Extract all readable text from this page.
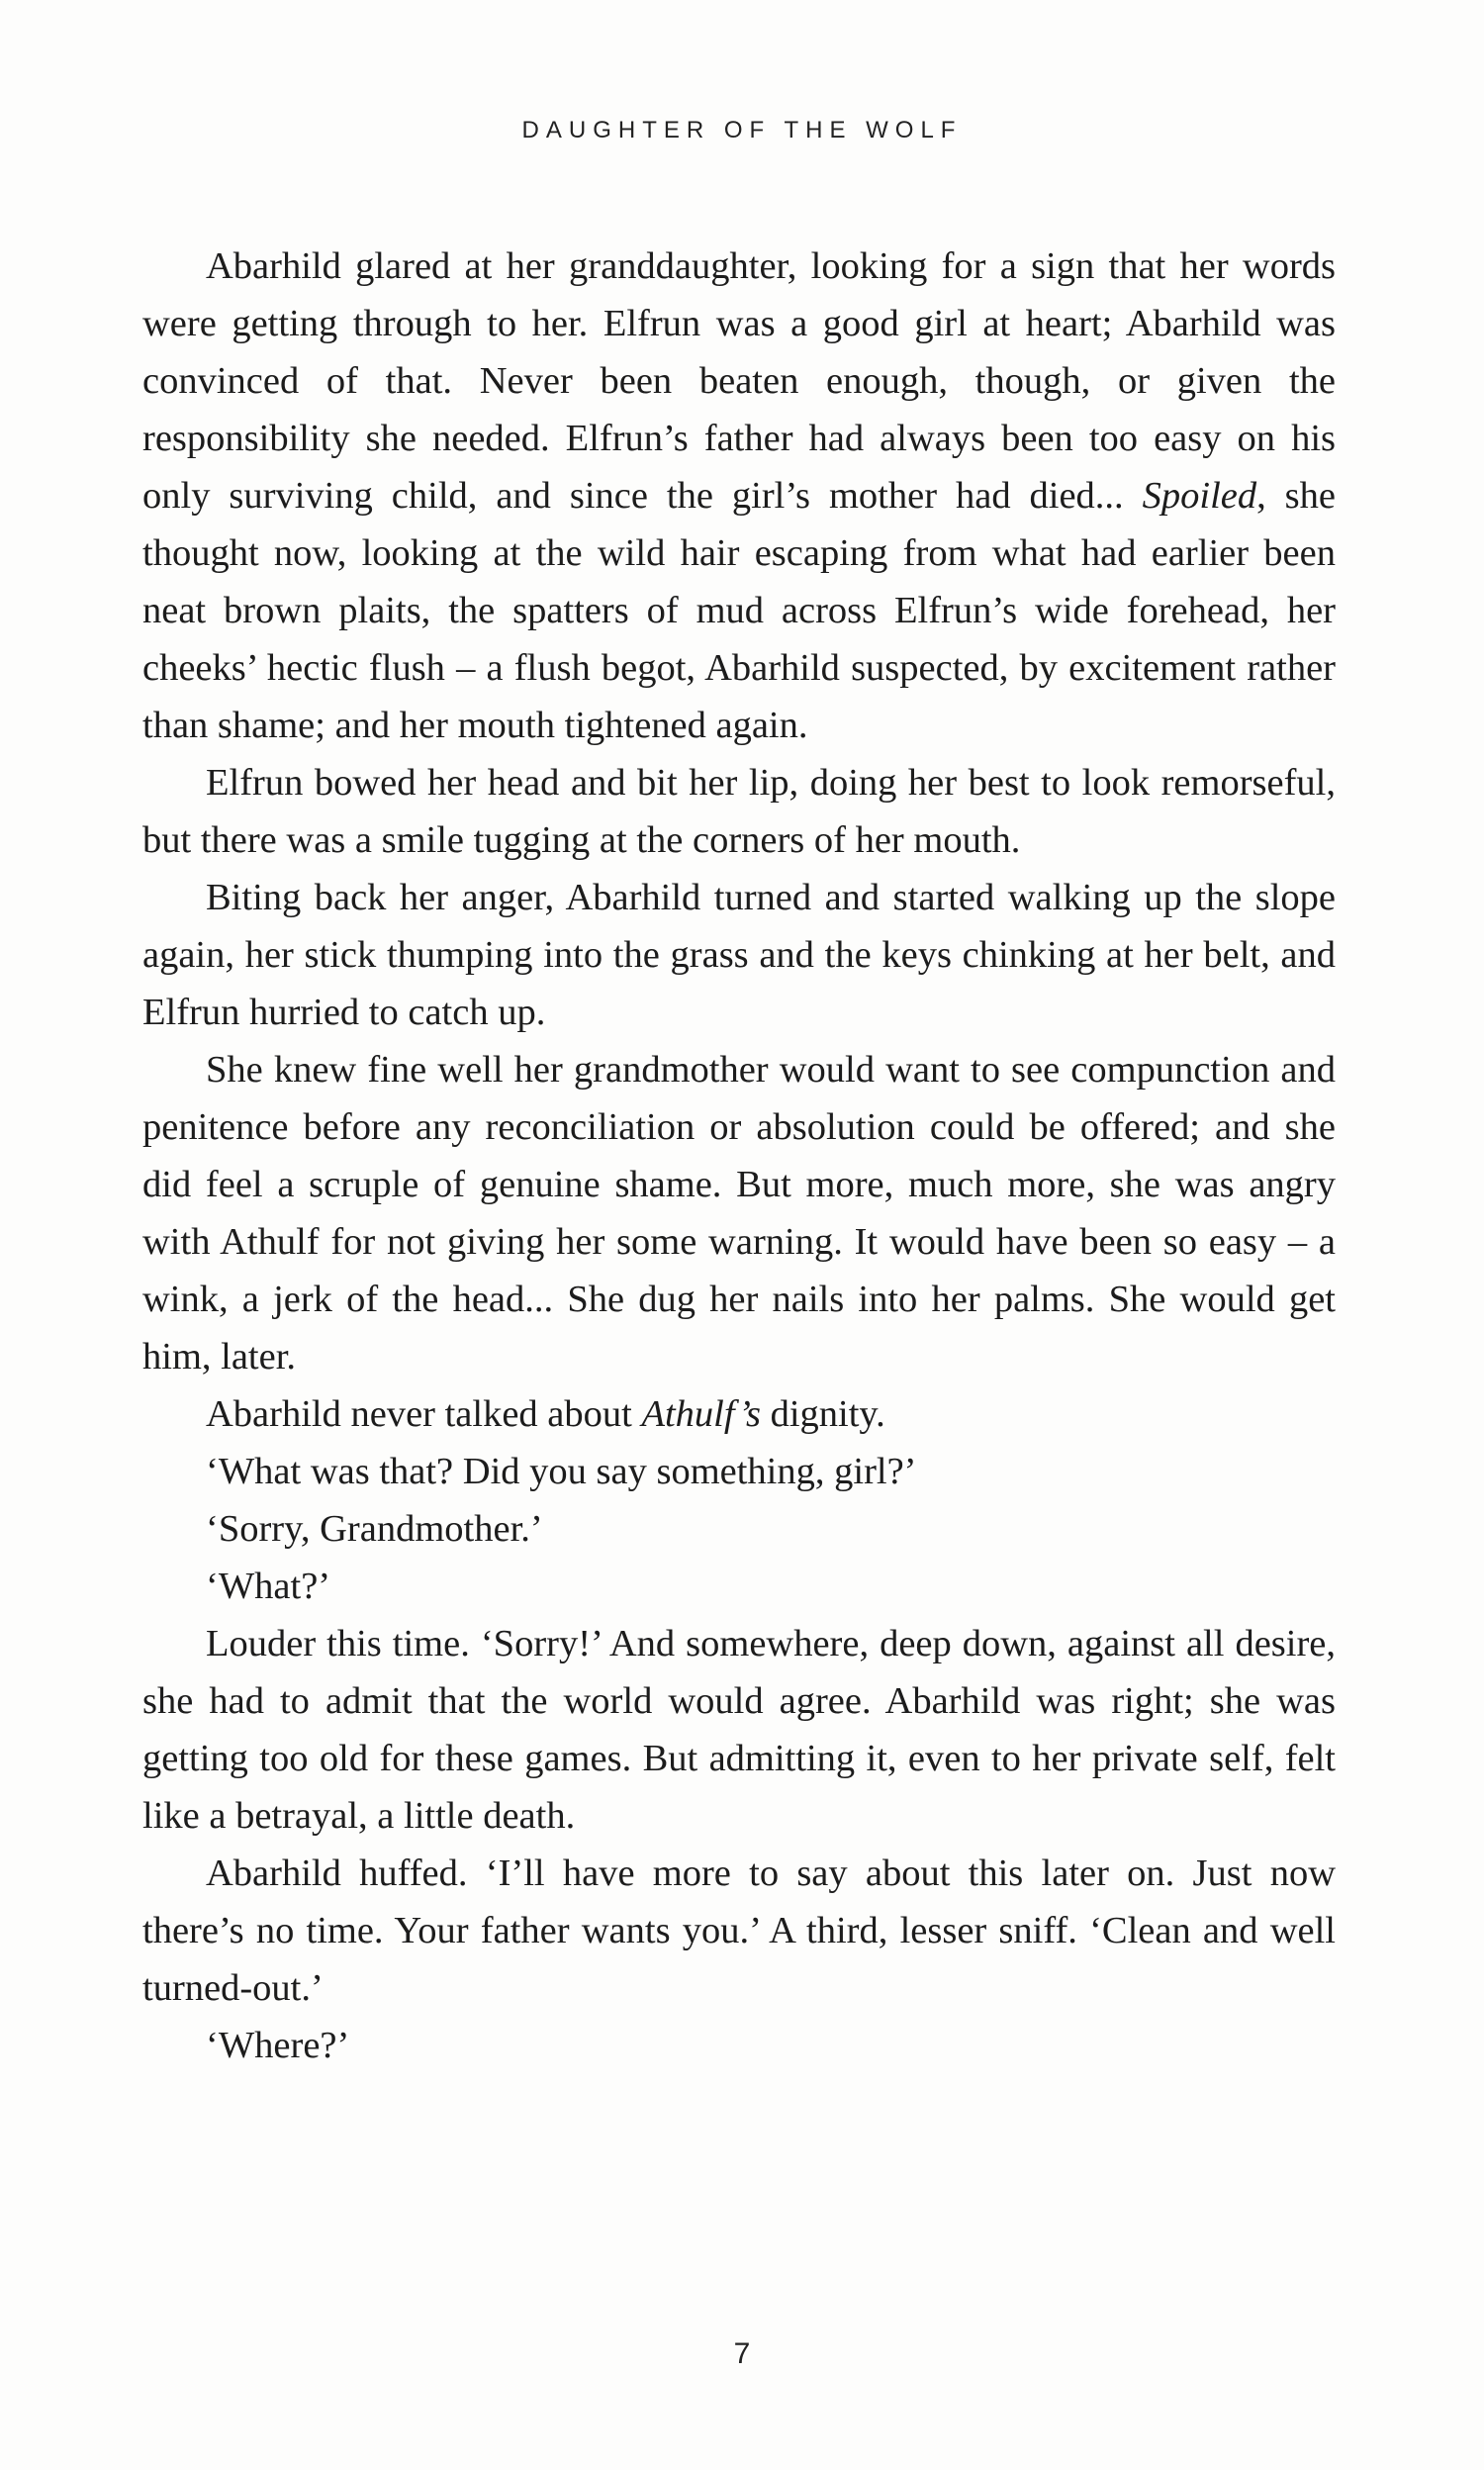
DAUGHTER OF THE WOLF

Abarhild glared at her granddaughter, looking for a sign that her words were getting through to her. Elfrun was a good girl at heart; Abarhild was convinced of that. Never been beaten enough, though, or given the responsibility she needed. Elfrun’s father had always been too easy on his only surviving child, and since the girl’s mother had died... Spoiled, she thought now, looking at the wild hair escaping from what had earlier been neat brown plaits, the spatters of mud across Elfrun’s wide forehead, her cheeks’ hectic flush – a flush begot, Abarhild suspected, by excitement rather than shame; and her mouth tightened again.

Elfrun bowed her head and bit her lip, doing her best to look remorseful, but there was a smile tugging at the corners of her mouth.

Biting back her anger, Abarhild turned and started walking up the slope again, her stick thumping into the grass and the keys chinking at her belt, and Elfrun hurried to catch up.

She knew fine well her grandmother would want to see compunction and penitence before any reconciliation or absolution could be offered; and she did feel a scruple of genuine shame. But more, much more, she was angry with Athulf for not giving her some warning. It would have been so easy – a wink, a jerk of the head... She dug her nails into her palms. She would get him, later.

Abarhild never talked about Athulf’s dignity.

‘What was that? Did you say something, girl?’

‘Sorry, Grandmother.’

‘What?’

Louder this time. ‘Sorry!’ And somewhere, deep down, against all desire, she had to admit that the world would agree. Abarhild was right; she was getting too old for these games. But admitting it, even to her private self, felt like a betrayal, a little death.

Abarhild huffed. ‘I’ll have more to say about this later on. Just now there’s no time. Your father wants you.’ A third, lesser sniff. ‘Clean and well turned-out.’

‘Where?’

7
